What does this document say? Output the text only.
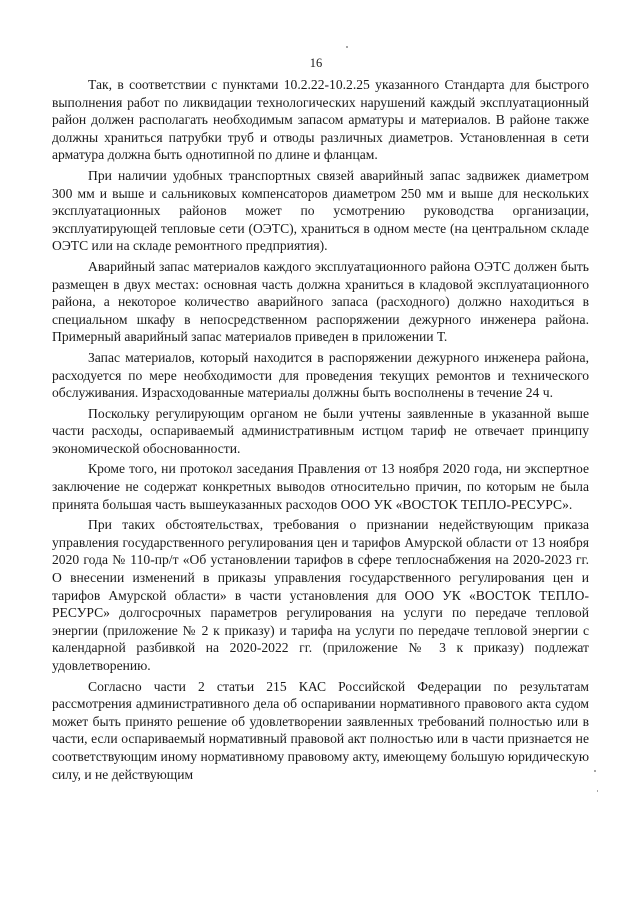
16

Так, в соответствии с пунктами 10.2.22-10.2.25 указанного Стандарта для быстрого выполнения работ по ликвидации технологических нарушений каждый эксплуатационный район должен располагать необходимым запасом арматуры и материалов. В районе также должны храниться патрубки труб и отводы различных диаметров. Установленная в сети арматура должна быть однотипной по длине и фланцам.

При наличии удобных транспортных связей аварийный запас задвижек диаметром 300 мм и выше и сальниковых компенсаторов диаметром 250 мм и выше для нескольких эксплуатационных районов может по усмотрению руководства организации, эксплуатирующей тепловые сети (ОЭТС), храниться в одном месте (на центральном складе ОЭТС или на складе ремонтного предприятия).

Аварийный запас материалов каждого эксплуатационного района ОЭТС должен быть размещен в двух местах: основная часть должна храниться в кладовой эксплуатационного района, а некоторое количество аварийного запаса (расходного) должно находиться в специальном шкафу в непосредственном распоряжении дежурного инженера района. Примерный аварийный запас материалов приведен в приложении Т.

Запас материалов, который находится в распоряжении дежурного инженера района, расходуется по мере необходимости для проведения текущих ремонтов и технического обслуживания. Израсходованные материалы должны быть восполнены в течение 24 ч.

Поскольку регулирующим органом не были учтены заявленные в указанной выше части расходы, оспариваемый административным истцом тариф не отвечает принципу экономической обоснованности.

Кроме того, ни протокол заседания Правления от 13 ноября 2020 года, ни экспертное заключение не содержат конкретных выводов относительно причин, по которым не была принята большая часть вышеуказанных расходов ООО УК «ВОСТОК ТЕПЛО-РЕСУРС».

При таких обстоятельствах, требования о признании недействующим приказа управления государственного регулирования цен и тарифов Амурской области от 13 ноября 2020 года № 110-пр/т «Об установлении тарифов в сфере теплоснабжения на 2020-2023 гг. О внесении изменений в приказы управления государственного регулирования цен и тарифов Амурской области» в части установления для ООО УК «ВОСТОК ТЕПЛО-РЕСУРС» долгосрочных параметров регулирования на услуги по передаче тепловой энергии (приложение № 2 к приказу) и тарифа на услуги по передаче тепловой энергии с календарной разбивкой на 2020-2022 гг. (приложение № 3 к приказу) подлежат удовлетворению.

Согласно части 2 статьи 215 КАС Российской Федерации по результатам рассмотрения административного дела об оспаривании нормативного правового акта судом может быть принято решение об удовлетворении заявленных требований полностью или в части, если оспариваемый нормативный правовой акт полностью или в части признается не соответствующим иному нормативному правовому акту, имеющему большую юридическую силу, и не действующим
